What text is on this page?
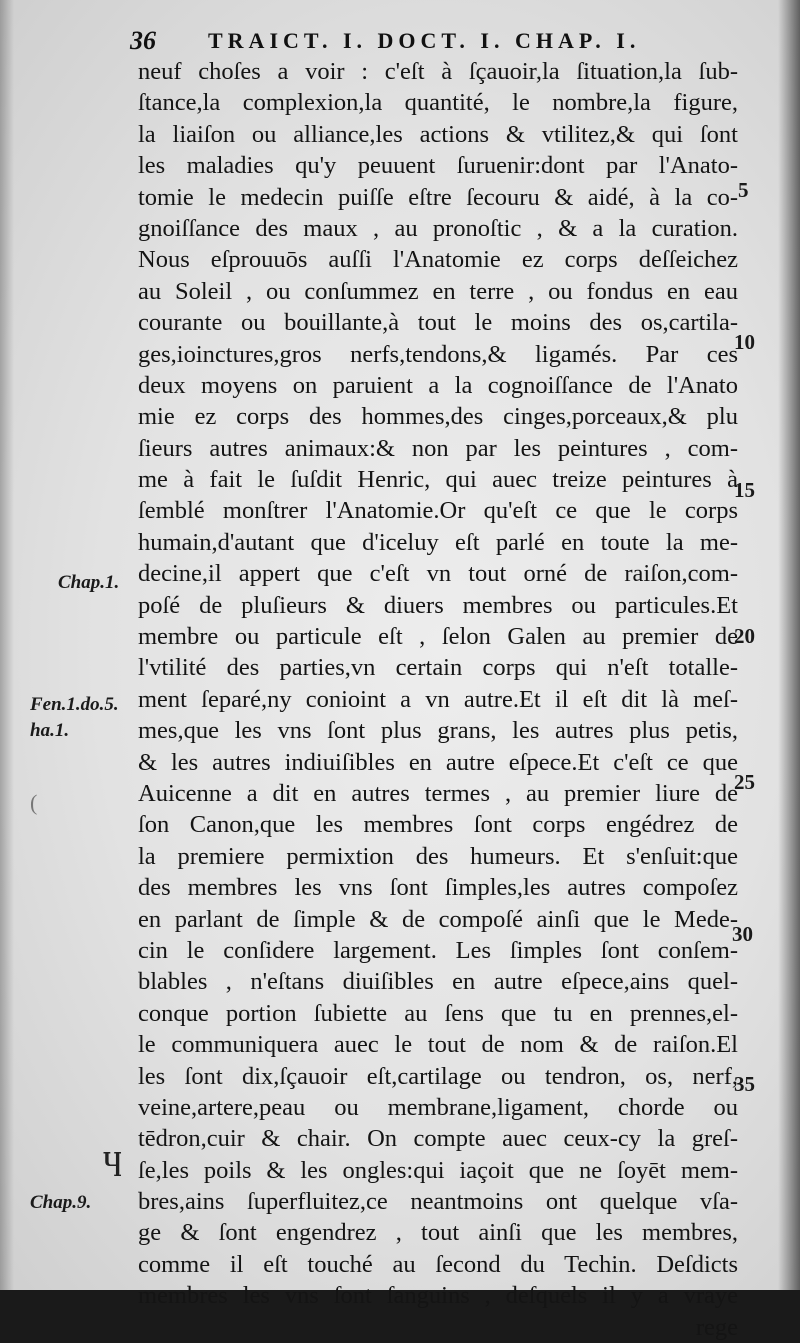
36 TRAICT. I. DOCT. I. CHAP. I.
neuf choſes a voir : c'eſt à ſçauoir,la ſituation,la ſub-
ſtance,la complexion,la quantité, le nombre,la figure,
la liaiſon ou alliance,les actions & vtilitez,& qui ſont
les maladies qu'y peuuent ſuruenir:dont par l'Anato-
tomie le medecin puiſſe eſtre ſecouru & aidé, à la co-
gnoiſſance des maux , au pronoſtic , & a la curation.
Nous eſprouuōs auſſi l'Anatomie ez corps deſſeichez
au Soleil , ou conſummez en terre , ou fondus en eau
courante ou bouillante,à tout le moins des os,cartila-
ges,ioinctures,gros nerfs,tendons,& ligamés. Par ces
deux moyens on paruient a la cognoiſſance de l'Anato
mie ez corps des hommes,des cinges,porceaux,& plu
ſieurs autres animaux:& non par les peintures , com-
me à fait le ſuſdit Henric, qui auec treize peintures à
ſemblé monſtrer l'Anatomie.Or qu'eſt ce que le corps
humain,d'autant que d'iceluy eſt parlé en toute la me-
decine,il appert que c'eſt vn tout orné de raiſon,com-
poſé de pluſieurs & diuers membres ou particules.Et
membre ou particule eſt , ſelon Galen au premier de
l'vtilité des parties,vn certain corps qui n'eſt totalle-
ment ſeparé,ny conioint a vn autre.Et il eſt dit là meſ-
mes,que les vns ſont plus grans, les autres plus petis,
& les autres indiuiſibles en autre eſpece.Et c'eſt ce que
Auicenne a dit en autres termes , au premier liure de
ſon Canon,que les membres ſont corps engédrez de
la premiere permixtion des humeurs. Et s'enſuit:que
des membres les vns ſont ſimples,les autres compoſez
en parlant de ſimple & de compoſé ainſi que le Mede-
cin le conſidere largement. Les ſimples ſont conſem-
blables , n'eſtans diuiſibles en autre eſpece,ains quel-
conque portion ſubiette au ſens que tu en prennes,el-
le communiquera auec le tout de nom & de raiſon.El
les ſont dix,ſçauoir eſt,cartilage ou tendron, os, nerf,
veine,artere,peau ou membrane,ligament, chorde ou
tēdron,cuir & chair. On compte auec ceux-cy la greſ-
ſe,les poils & les ongles:qui iaçoit que ne ſoyēt mem-
bres,ains ſuperfluitez,ce neantmoins ont quelque vſa-
ge & ſont engendrez , tout ainſi que les membres,
comme il eſt touché au ſecond du Techin. Deſdicts
membres les vns ſont ſanguins , deſquels il y a vraye
rege
Chap.1.
Fen.1.do.5.
ha.1.
Chap.9.
Ⴗ
(
5
10
15
20
25
30
35
